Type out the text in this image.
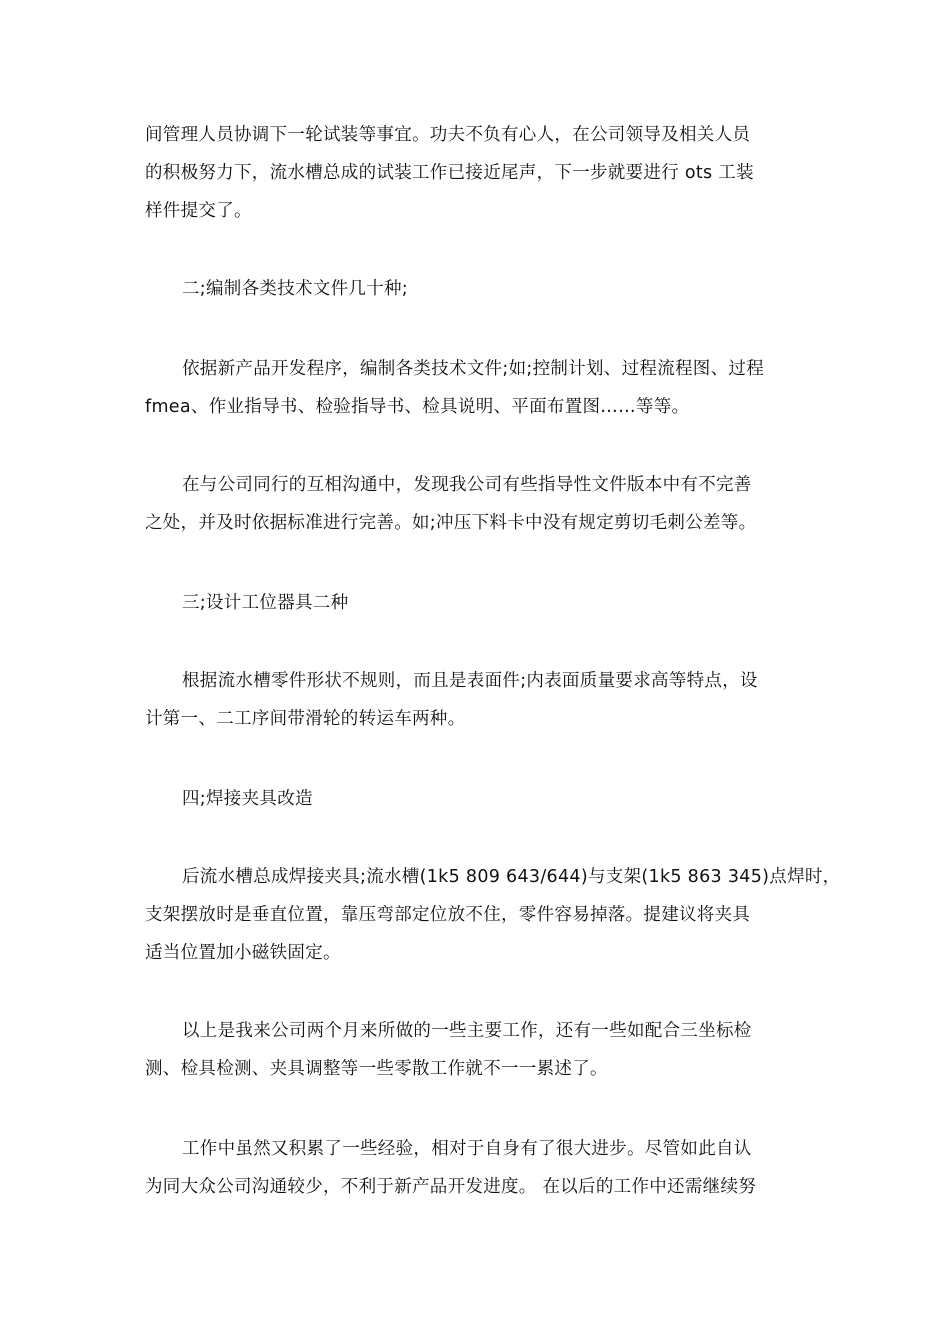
间管理人员协调下一轮试装等事宜。功夫不负有心人，在公司领导及相关人员
的积极努力下，流水槽总成的试装工作已接近尾声，下一步就要进行 ots 工装
样件提交了。

二;编制各类技术文件几十种;

依据新产品开发程序，编制各类技术文件;如;控制计划、过程流程图、过程
fmea、作业指导书、检验指导书、检具说明、平面布置图……等等。

在与公司同行的互相沟通中，发现我公司有些指导性文件版本中有不完善
之处，并及时依据标准进行完善。如;冲压下料卡中没有规定剪切毛刺公差等。

三;设计工位器具二种

根据流水槽零件形状不规则，而且是表面件;内表面质量要求高等特点，设
计第一、二工序间带滑轮的转运车两种。

四;焊接夹具改造

后流水槽总成焊接夹具;流水槽(1k5 809 643/644)与支架(1k5 863 345)点焊时，
支架摆放时是垂直位置，靠压弯部定位放不住，零件容易掉落。提建议将夹具
适当位置加小磁铁固定。

以上是我来公司两个月来所做的一些主要工作，还有一些如配合三坐标检
测、检具检测、夹具调整等一些零散工作就不一一累述了。

工作中虽然又积累了一些经验，相对于自身有了很大进步。尽管如此自认
为同大众公司沟通较少，不利于新产品开发进度。 在以后的工作中还需继续努
